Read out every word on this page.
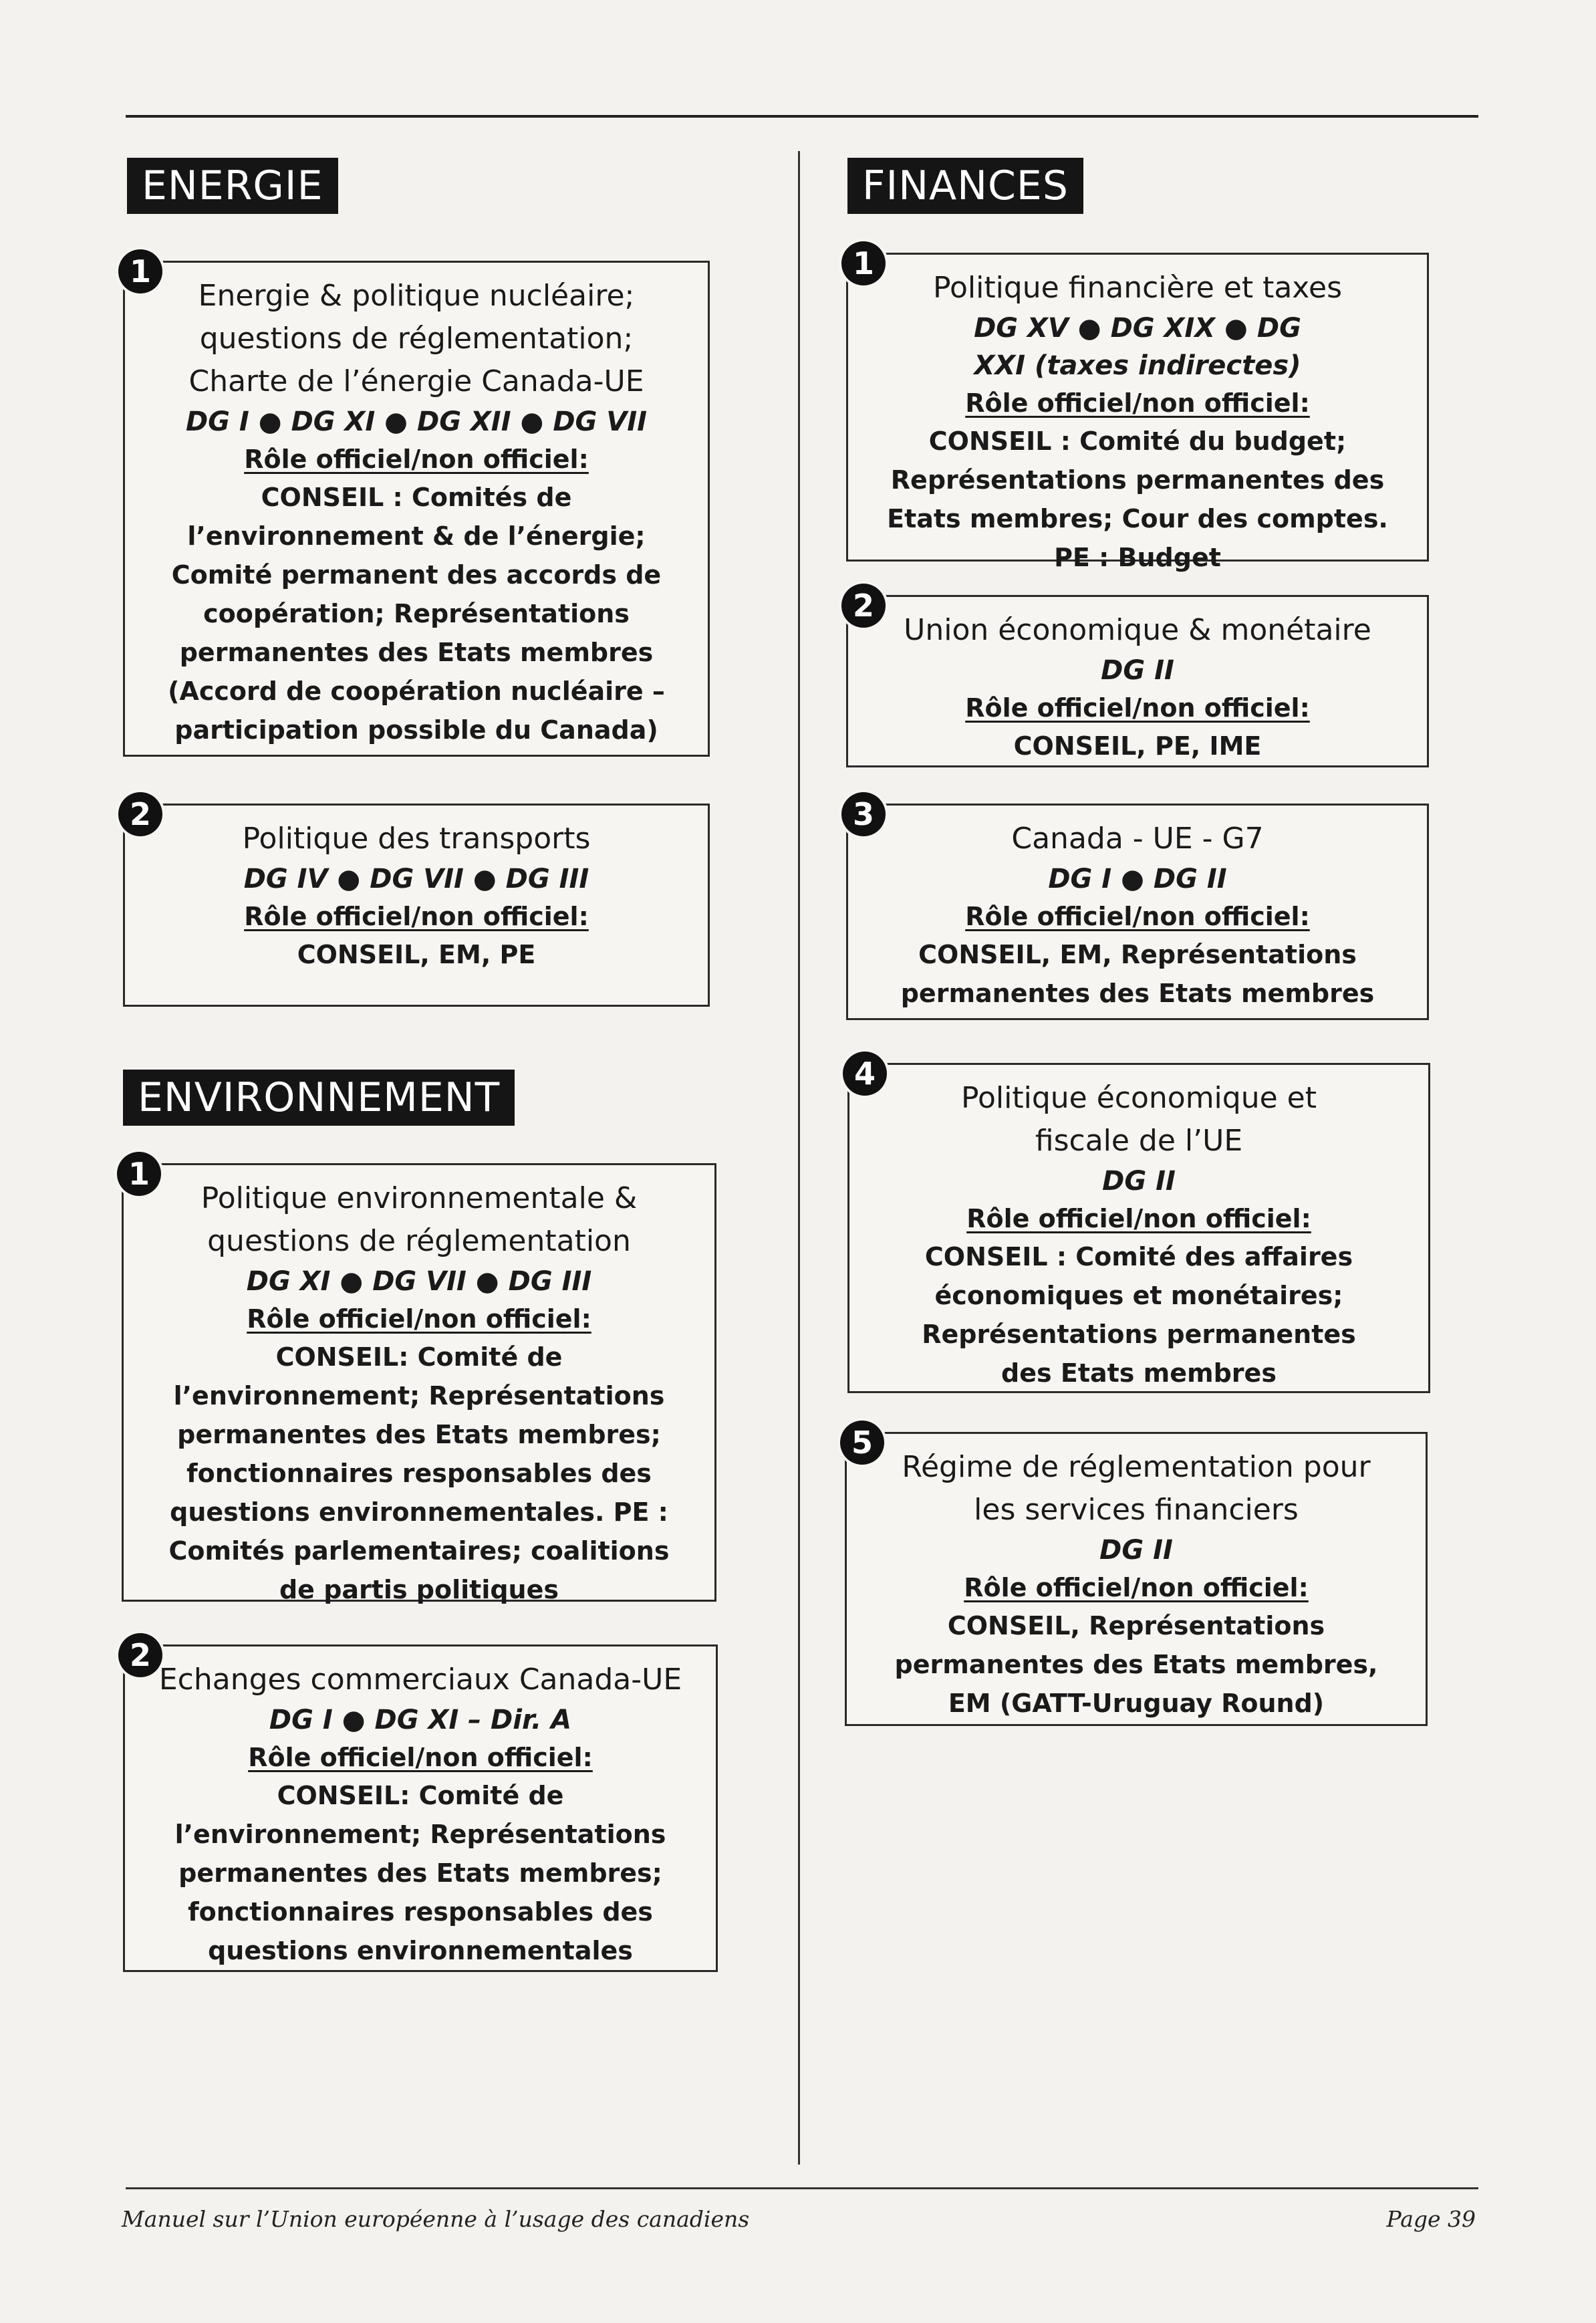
ENERGIE
1
Energie & politique nucléaire; questions de réglementation; Charte de l’énergie Canada-UE
DG I ● DG XI ● DG XII ● DG VII
Rôle officiel/non officiel:
CONSEIL : Comités de l’environnement & de l’énergie; Comité permanent des accords de coopération; Représentations permanentes des Etats membres (Accord de coopération nucléaire – participation possible du Canada)
2
Politique des transports
DG IV ● DG VII ● DG III
Rôle officiel/non officiel:
CONSEIL, EM, PE
ENVIRONNEMENT
1
Politique environnementale & questions de réglementation
DG XI ● DG VII ● DG III
Rôle officiel/non officiel:
CONSEIL: Comité de l’environnement; Représentations permanentes des Etats membres; fonctionnaires responsables des questions environnementales. PE : Comités parlementaires; coalitions de partis politiques
2
Echanges commerciaux Canada-UE
DG I ● DG XI – Dir. A
Rôle officiel/non officiel:
CONSEIL: Comité de l’environnement; Représentations permanentes des Etats membres; fonctionnaires responsables des questions environnementales
FINANCES
1
Politique financière et taxes
DG XV ● DG XIX ● DG XXI (taxes indirectes)
Rôle officiel/non officiel:
CONSEIL : Comité du budget; Représentations permanentes des Etats membres; Cour des comptes. PE : Budget
2
Union économique & monétaire
DG II
Rôle officiel/non officiel:
CONSEIL, PE, IME
3
Canada - UE - G7
DG I ● DG II
Rôle officiel/non officiel:
CONSEIL, EM, Représentations permanentes des Etats membres
4
Politique économique et fiscale de l’UE
DG II
Rôle officiel/non officiel:
CONSEIL : Comité des affaires économiques et monétaires; Représentations permanentes des Etats membres
5
Régime de réglementation pour les services financiers
DG II
Rôle officiel/non officiel:
CONSEIL, Représentations permanentes des Etats membres, EM (GATT-Uruguay Round)
Manuel sur l’Union européenne à l’usage des canadiens	Page 39
